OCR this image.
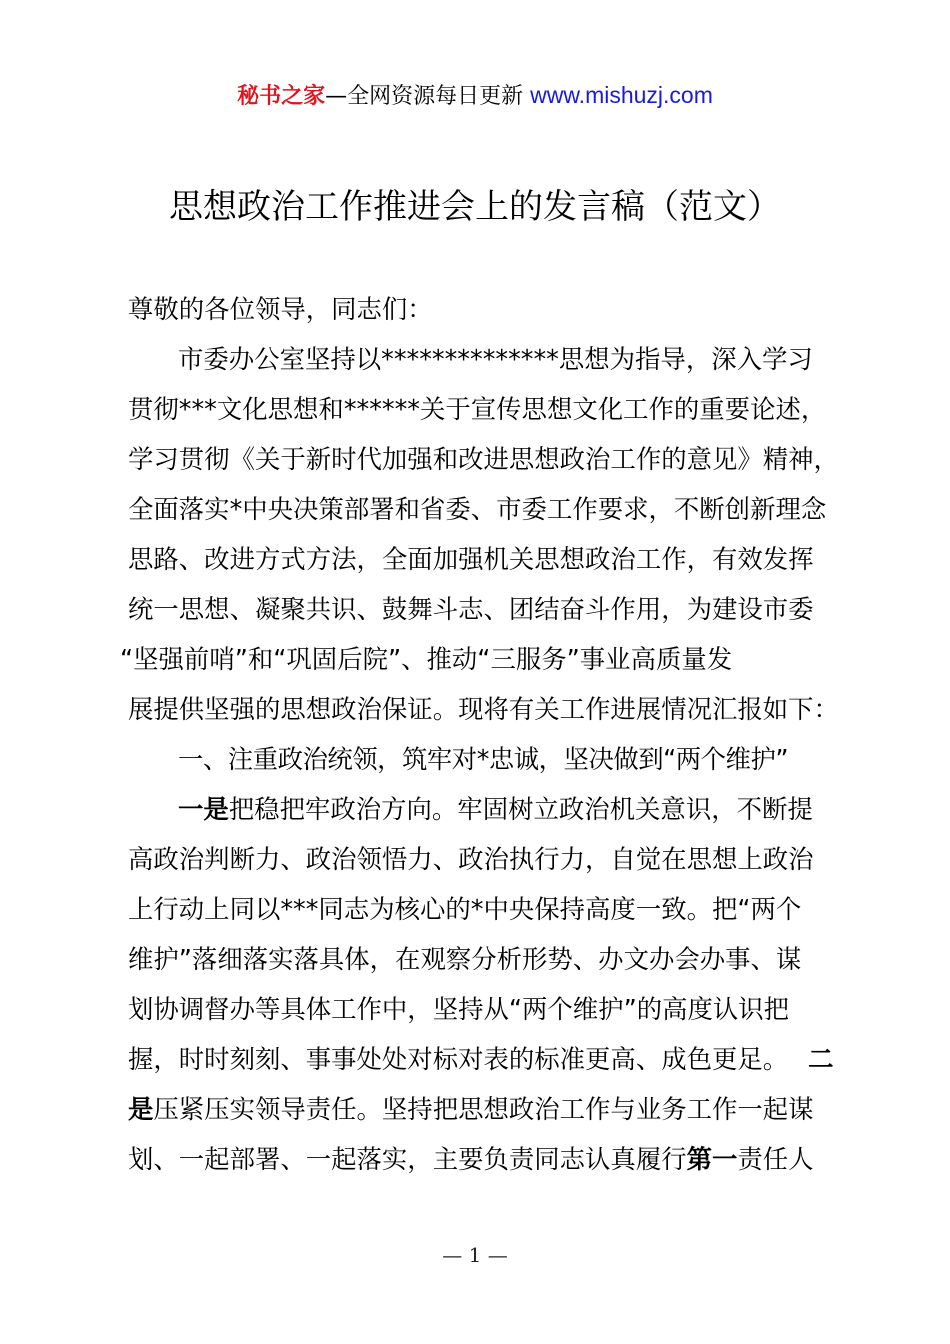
秘书之家—全网资源每日更新 www.mishuzj.com
思想政治工作推进会上的发言稿（范文）
尊敬的各位领导，同志们：
市委办公室坚持以**************思想为指导，深入学习
贯彻***文化思想和******关于宣传思想文化工作的重要论述，
学习贯彻《关于新时代加强和改进思想政治工作的意见》精神，
全面落实*中央决策部署和省委、市委工作要求，不断创新理念
思路、改进方式方法，全面加强机关思想政治工作，有效发挥
统一思想、凝聚共识、鼓舞斗志、团结奋斗作用，为建设市委
“坚强前哨”和“巩固后院”、推动“三服务”事业高质量发
展提供坚强的思想政治保证。现将有关工作进展情况汇报如下：
一、注重政治统领，筑牢对*忠诚，坚决做到“两个维护”
一是把稳把牢政治方向。牢固树立政治机关意识，不断提
高政治判断力、政治领悟力、政治执行力，自觉在思想上政治
上行动上同以***同志为核心的*中央保持高度一致。把“两个
维护”落细落实落具体，在观察分析形势、办文办会办事、谋
划协调督办等具体工作中，坚持从“两个维护”的高度认识把
握，时时刻刻、事事处处对标对表的标准更高、成色更足。 二
是压紧压实领导责任。坚持把思想政治工作与业务工作一起谋
划、一起部署、一起落实，主要负责同志认真履行第一责任人
— 1 —
